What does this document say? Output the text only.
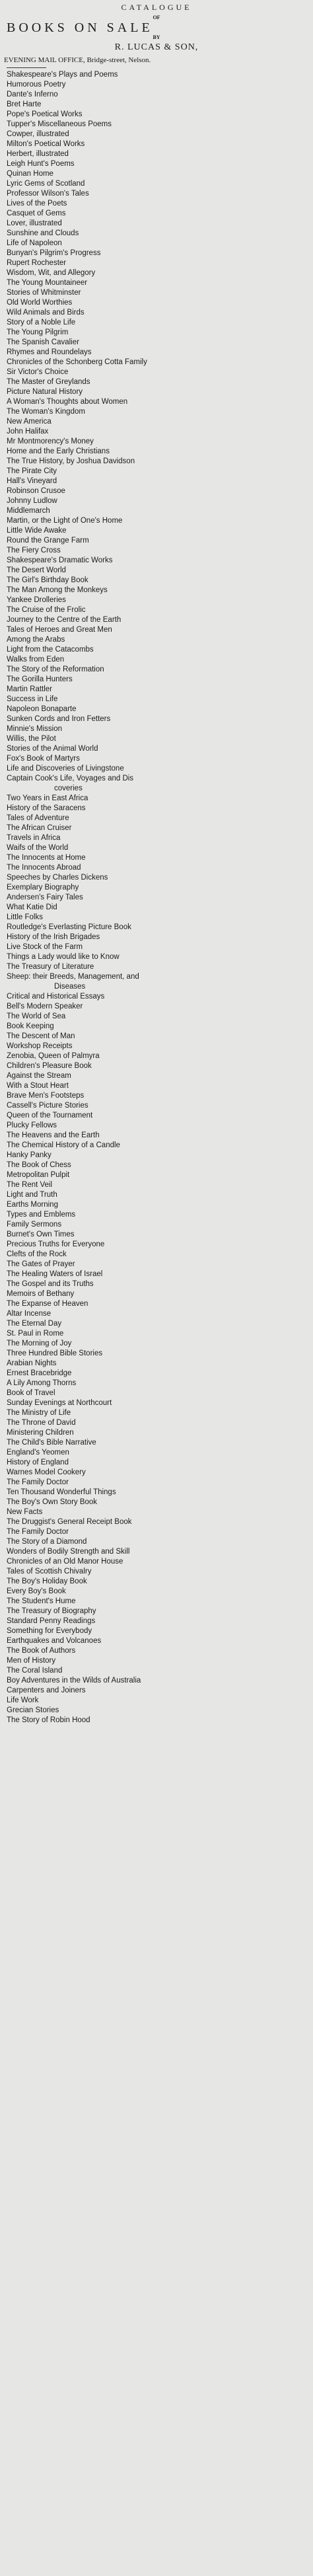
CATALOGUE
OF
BOOKS ON SALE
BY
R. LUCAS & SON,
EVENING MAIL OFFICE, Bridge-street, Nelson.
Shakespeare's Plays and Poems
Humorous Poetry
Dante's Inferno
Bret Harte
Pope's Poetical Works
Tupper's Miscellaneous Poems
Cowper, illustrated
Milton's Poetical Works
Herbert, illustrated
Leigh Hunt's Poems
Quinan Home
Lyric Gems of Scotland
Professor Wilson's Tales
Lives of the Poets
Casquet of Gems
Lover, illustrated
Sunshine and Clouds
Life of Napoleon
Bunyan's Pilgrim's Progress
Rupert Rochester
Wisdom, Wit, and Allegory
The Young Mountaineer
Stories of Whitminster
Old World Worthies
Wild Animals and Birds
Story of a Noble Life
The Young Pilgrim
The Spanish Cavalier
Rhymes and Roundelays
Chronicles of the Schonberg Cotta Family
Sir Victor's Choice
The Master of Greylands
Picture Natural History
A Woman's Thoughts about Women
The Woman's Kingdom
New America
John Halifax
Mr Montmorency's Money
Home and the Early Christians
The True History, by Joshua Davidson
The Pirate City
Hall's Vineyard
Robinson Crusoe
Johnny Ludlow
Middlemarch
Martin, or the Light of One's Home
Little Wide Awake
Round the Grange Farm
The Fiery Cross
Shakespeare's Dramatic Works
The Desert World
The Girl's Birthday Book
The Man Among the Monkeys
Yankee Drolleries
The Cruise of the Frolic
Journey to the Centre of the Earth
Tales of Heroes and Great Men
Among the Arabs
Light from the Catacombs
Walks from Eden
The Story of the Reformation
The Gorilla Hunters
Martin Rattler
Success in Life
Napoleon Bonaparte
Sunken Cords and Iron Fetters
Minnie's Mission
Willis, the Pilot
Stories of the Animal World
Fox's Book of Martyrs
Life and Discoveries of Livingstone
Captain Cook's Life, Voyages and Dis
coveries
Two Years in East Africa
History of the Saracens
Tales of Adventure
The African Cruiser
Travels in Africa
Waifs of the World
The Innocents at Home
The Innocents Abroad
Speeches by Charles Dickens
Exemplary Biography
Andersen's Fairy Tales
What Katie Did
Little Folks
Routledge's Everlasting Picture Book
History of the Irish Brigades
Live Stock of the Farm
Things a Lady would like to Know
The Treasury of Literature
Sheep: their Breeds, Management, and
Diseases
Critical and Historical Essays
Bell's Modern Speaker
The World of Sea
Book Keeping
The Descent of Man
Workshop Receipts
Zenobia, Queen of Palmyra
Children's Pleasure Book
Against the Stream
With a Stout Heart
Brave Men's Footsteps
Cassell's Picture Stories
Queen of the Tournament
Plucky Fellows
The Heavens and the Earth
The Chemical History of a Candle
Hanky Panky
The Book of Chess
Metropolitan Pulpit
The Rent Veil
Light and Truth
Earths Morning
Types and Emblems
Family Sermons
Burnet's Own Times
Precious Truths for Everyone
Clefts of the Rock
The Gates of Prayer
The Healing Waters of Israel
The Gospel and its Truths
Memoirs of Bethany
The Expanse of Heaven
Altar Incense
The Eternal Day
St. Paul in Rome
The Morning of Joy
Three Hundred Bible Stories
Arabian Nights
Ernest Bracebridge
A Lily Among Thorns
Book of Travel
Sunday Evenings at Northcourt
The Ministry of Life
The Throne of David
Ministering Children
The Child's Bible Narrative
England's Yeomen
History of England
Warnes Model Cookery
The Family Doctor
Ten Thousand Wonderful Things
The Boy's Own Story Book
New Facts
The Druggist's General Receipt Book
The Family Doctor
The Story of a Diamond
Wonders of Bodily Strength and Skill
Chronicles of an Old Manor House
Tales of Scottish Chivalry
The Boy's Holiday Book
Every Boy's Book
The Student's Hume
The Treasury of Biography
Standard Penny Readings
Something for Everybody
Earthquakes and Volcanoes
The Book of Authors
Men of History
The Coral Island
Boy Adventures in the Wilds of Australia
Carpenters and Joiners
Life Work
Grecian Stories
The Story of Robin Hood
